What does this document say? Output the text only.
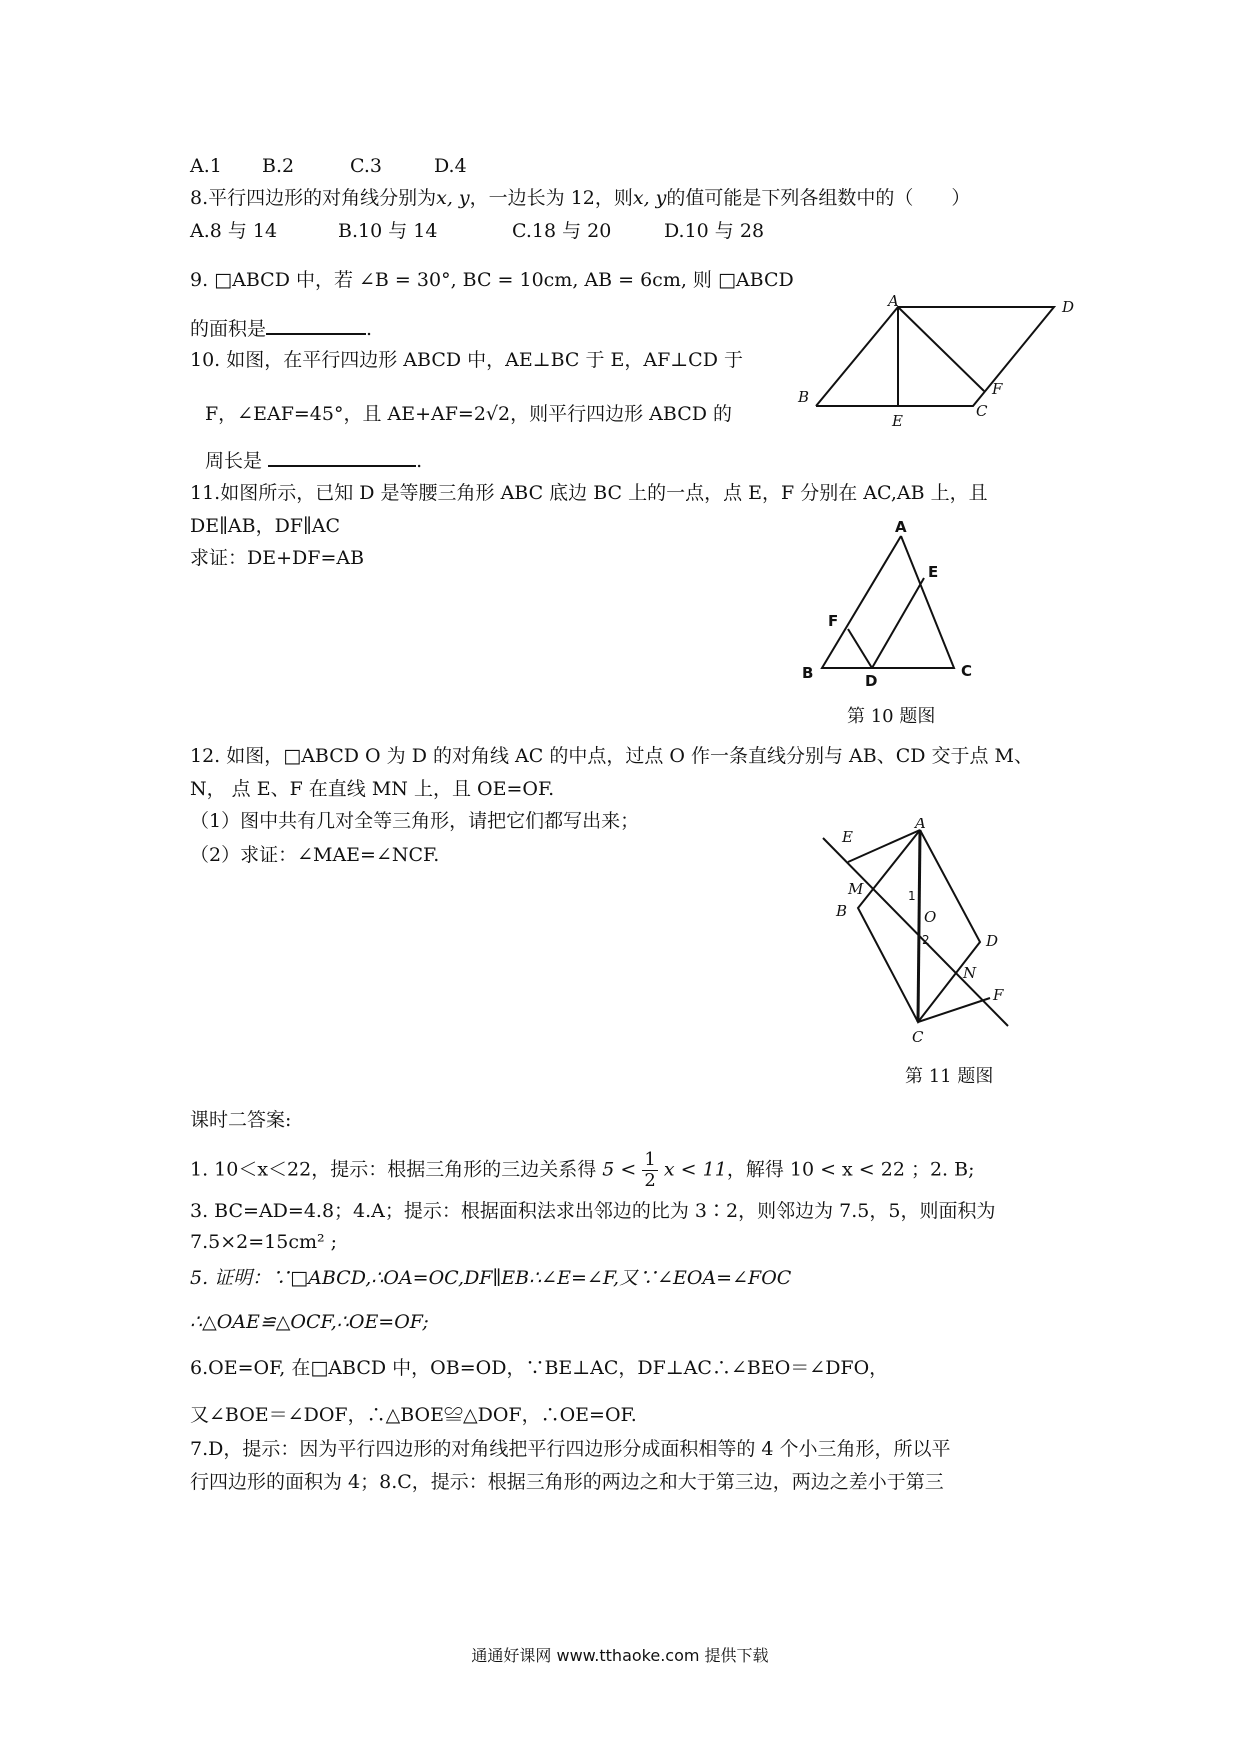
A.1 B.2	C.3	D.4
8.平行四边形的对角线分别为x, y，一边长为 12，则x, y的值可能是下列各组数中的（　　）
A.8 与 14	B.10 与 14	C.18 与 20	D.10 与 28
9. □ABCD 中，若 ∠B = 30°, BC = 10cm, AB = 6cm, 则 □ABCD
的面积是	.
10. 如图，在平行四边形 ABCD 中，AE⊥BC 于 E，AF⊥CD 于
F，∠EAF=45°，且 AE+AF=2√2，则平行四边形 ABCD 的
周长是	.
A	D
B
E
C
F
11.如图所示，已知 D 是等腰三角形 ABC 底边 BC 上的一点，点 E，F 分别在 AC,AB 上，且
DE∥AB，DF∥AC
求证：DE+DF=AB
A
E
F
B	D
C
第 10 题图
12. 如图，□ABCD O 为 D 的对角线 AC 的中点，过点 O 作一条直线分别与 AB、CD 交于点 M、
N， 点 E、F 在直线 MN 上，且 OE=OF.
（1）图中共有几对全等三角形，请把它们都写出来；
（2）求证：∠MAE=∠NCF.
E
A
M	1
O
2
B
D
N
F
C
第 11 题图
课时二答案:
1. 10＜x＜22，提示：根据三角形的三边关系得 $5 < \frac{1}{2}$ x < 11，解得 10 < x < 22 ；2. B;
3. BC=AD=4.8；4.A；提示：根据面积法求出邻边的比为 3∶2，则邻边为 7.5，5，则面积为
7.5×2=15cm² ;
5. 证明：∵□ABCD,∴OA=OC,DF∥EB∴∠E=∠F,又∵∠EOA=∠FOC
∴△OAE≌△OCF,∴OE=OF;
6.OE=OF, 在□ABCD 中，OB=OD，∵BE⊥AC，DF⊥AC∴∠BEO＝∠DFO，
又∠BOE＝∠DOF，∴△BOE≌△DOF，∴OE=OF.
7.D，提示：因为平行四边形的对角线把平行四边形分成面积相等的 4 个小三角形，所以平
行四边形的面积为 4；8.C，提示：根据三角形的两边之和大于第三边，两边之差小于第三
通通好课网 www.tthaoke.com 提供下载
